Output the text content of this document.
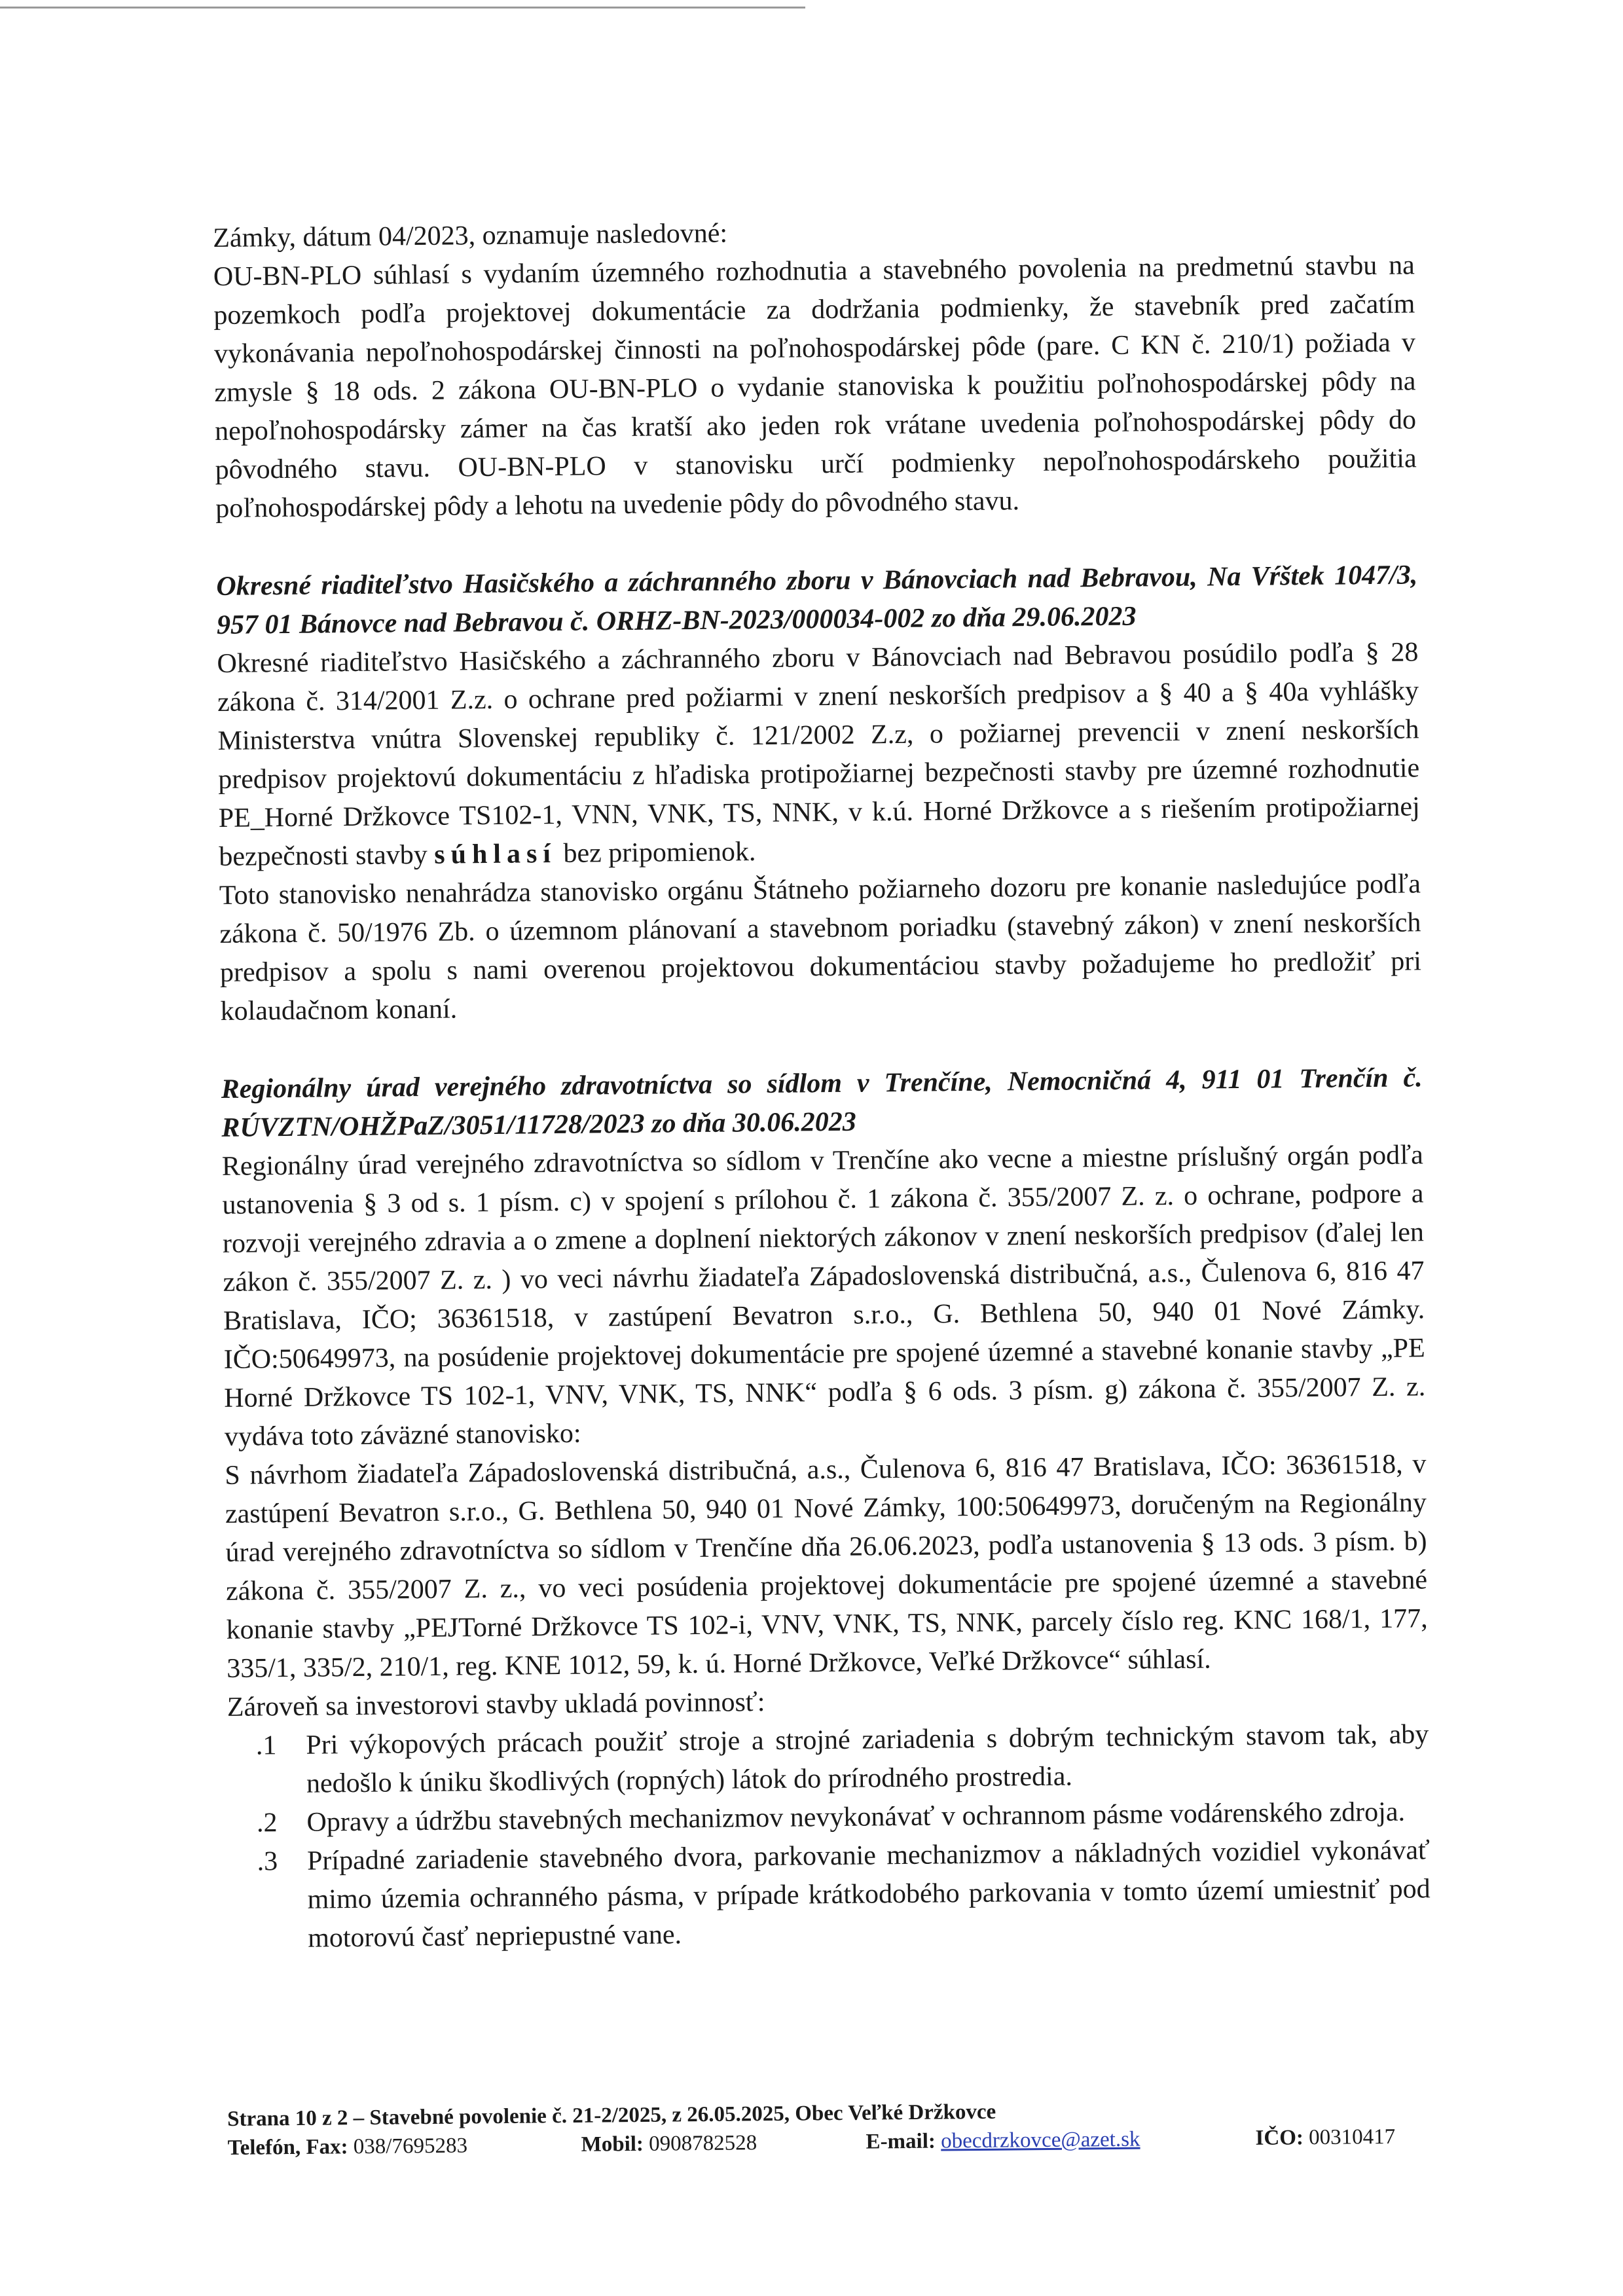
Zámky, dátum 04/2023, oznamuje nasledovné:

OU-BN-PLO súhlasí s vydaním územného rozhodnutia a stavebného povolenia na predmetnú stavbu na pozemkoch podľa projektovej dokumentácie za dodržania podmienky, že stavebník pred začatím vykonávania nepoľnohospodárskej činnosti na poľnohospodárskej pôde (pare. C KN č. 210/1) požiada v zmysle § 18 ods. 2 zákona OU-BN-PLO o vydanie stanoviska k použitiu poľnohospodárskej pôdy na nepoľnohospodársky zámer na čas kratší ako jeden rok vrátane uvedenia poľnohospodárskej pôdy do pôvodného stavu. OU-BN-PLO v stanovisku určí podmienky nepoľnohospodárskeho použitia poľnohospodárskej pôdy a lehotu na uvedenie pôdy do pôvodného stavu.

Okresné riaditeľstvo Hasičského a záchranného zboru v Bánovciach nad Bebravou, Na Vŕštek 1047/3, 957 01 Bánovce nad Bebravou č. ORHZ-BN-2023/000034-002 zo dňa 29.06.2023

Okresné riaditeľstvo Hasičského a záchranného zboru v Bánovciach nad Bebravou posúdilo podľa § 28 zákona č. 314/2001 Z.z. o ochrane pred požiarmi v znení neskorších predpisov a § 40 a § 40a vyhlášky Ministerstva vnútra Slovenskej republiky č. 121/2002 Z.z, o požiarnej prevencii v znení neskorších predpisov projektovú dokumentáciu z hľadiska protipožiarnej bezpečnosti stavby pre územné rozhodnutie PE_Horné Držkovce TS102-1, VNN, VNK, TS, NNK, v k.ú. Horné Držkovce a s riešením protipožiarnej bezpečnosti stavby súhlasí bez pripomienok.

Toto stanovisko nenahrádza stanovisko orgánu Štátneho požiarneho dozoru pre konanie nasledujúce podľa zákona č. 50/1976 Zb. o územnom plánovaní a stavebnom poriadku (stavebný zákon) v znení neskorších predpisov a spolu s nami overenou projektovou dokumentáciou stavby požadujeme ho predložiť pri kolaudačnom konaní.

Regionálny úrad verejného zdravotníctva so sídlom v Trenčíne, Nemocničná 4, 911 01 Trenčín č. RÚVZTN/OHŽPaZ/3051/11728/2023 zo dňa 30.06.2023

Regionálny úrad verejného zdravotníctva so sídlom v Trenčíne ako vecne a miestne príslušný orgán podľa ustanovenia § 3 od s. 1 písm. c) v spojení s prílohou č. 1 zákona č. 355/2007 Z. z. o ochrane, podpore a rozvoji verejného zdravia a o zmene a doplnení niektorých zákonov v znení neskorších predpisov (ďalej len zákon č. 355/2007 Z. z. ) vo veci návrhu žiadateľa Západoslovenská distribučná, a.s., Čulenova 6, 816 47 Bratislava, IČO; 36361518, v zastúpení Bevatron s.r.o., G. Bethlena 50, 940 01 Nové Zámky. IČO:50649973, na posúdenie projektovej dokumentácie pre spojené územné a stavebné konanie stavby „PE Horné Držkovce TS 102-1, VNV, VNK, TS, NNK“ podľa § 6 ods. 3 písm. g) zákona č. 355/2007 Z. z. vydáva toto záväzné stanovisko:

S návrhom žiadateľa Západoslovenská distribučná, a.s., Čulenova 6, 816 47 Bratislava, IČO: 36361518, v zastúpení Bevatron s.r.o., G. Bethlena 50, 940 01 Nové Zámky, 100:50649973, doručeným na Regionálny úrad verejného zdravotníctva so sídlom v Trenčíne dňa 26.06.2023, podľa ustanovenia § 13 ods. 3 písm. b) zákona č. 355/2007 Z. z., vo veci posúdenia projektovej dokumentácie pre spojené územné a stavebné konanie stavby „PEJTorné Držkovce TS 102-i, VNV, VNK, TS, NNK, parcely číslo reg. KNC 168/1, 177, 335/1, 335/2, 210/1, reg. KNE 1012, 59, k. ú. Horné Držkovce, Veľké Držkovce“ súhlasí.

Zároveň sa investorovi stavby ukladá povinnosť:

1.	Pri výkopových prácach použiť stroje a strojné zariadenia s dobrým technickým stavom tak, aby nedošlo k úniku škodlivých (ropných) látok do prírodného prostredia.
2.	Opravy a údržbu stavebných mechanizmov nevykonávať v ochrannom pásme vodárenského zdroja.
3.	Prípadné zariadenie stavebného dvora, parkovanie mechanizmov a nákladných vozidiel vykonávať mimo územia ochranného pásma, v prípade krátkodobého parkovania v tomto území umiestniť pod motorovú časť nepriepustné vane.
Strana 10 z 2 – Stavebné povolenie č. 21-2/2025, z 26.05.2025, Obec Veľké Držkovce
Telefón, Fax: 038/7695283	Mobil: 0908782528	E-mail: obecdrzkovce@azet.sk	IČO: 00310417
